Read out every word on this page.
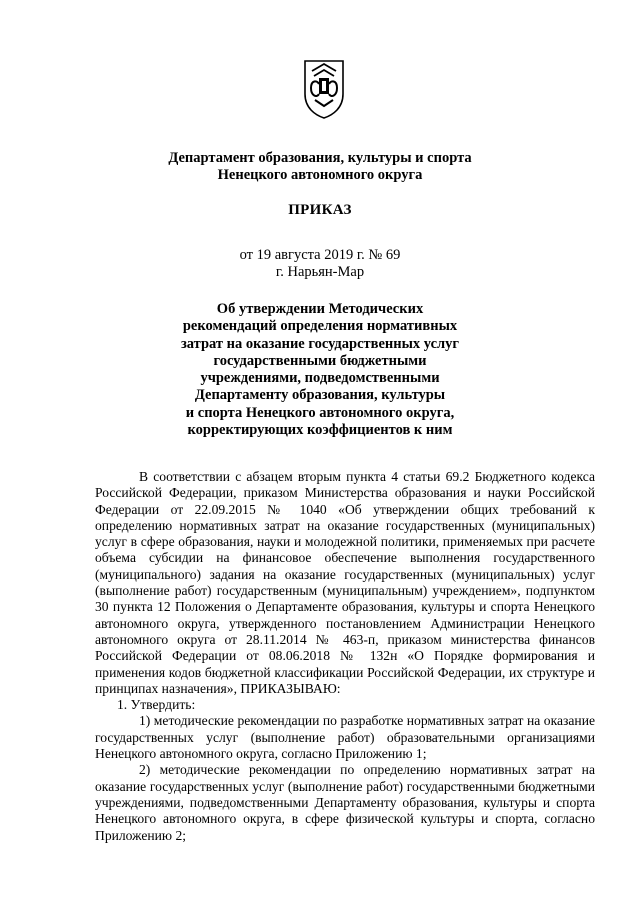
Департамент образования, культуры и спорта
Ненецкого автономного округа
ПРИКАЗ
от 19 августа 2019 г. № 69
г. Нарьян-Мар
Об утверждении Методических
рекомендаций определения нормативных
затрат на оказание государственных услуг
государственными бюджетными
учреждениями, подведомственными
Департаменту образования, культуры
и спорта Ненецкого автономного округа,
корректирующих коэффициентов к ним

В соответствии с абзацем вторым пункта 4 статьи 69.2 Бюджетного кодекса Российской Федерации, приказом Министерства образования и науки Российской Федерации от 22.09.2015 № 1040 «Об утверждении общих требований к определению нормативных затрат на оказание государственных (муниципальных) услуг в сфере образования, науки и молодежной политики, применяемых при расчете объема субсидии на финансовое обеспечение выполнения государственного (муниципального) задания на оказание государственных (муниципальных) услуг (выполнение работ) государственным (муниципальным) учреждением», подпунктом 30 пункта 12 Положения о Департаменте образования, культуры и спорта Ненецкого автономного округа, утвержденного постановлением Администрации Ненецкого автономного округа от 28.11.2014 № 463-п, приказом министерства финансов Российской Федерации от 08.06.2018 № 132н «О Порядке формирования и применения кодов бюджетной классификации Российской Федерации, их структуре и принципах назначения», ПРИКАЗЫВАЮ:

1. Утвердить:

1) методические рекомендации по разработке нормативных затрат на оказание государственных услуг (выполнение работ) образовательными организациями Ненецкого автономного округа, согласно Приложению 1;

2) методические рекомендации по определению нормативных затрат на оказание государственных услуг (выполнение работ) государственными бюджетными учреждениями, подведомственными Департаменту образования, культуры и спорта Ненецкого автономного округа, в сфере физической культуры и спорта, согласно Приложению 2;
